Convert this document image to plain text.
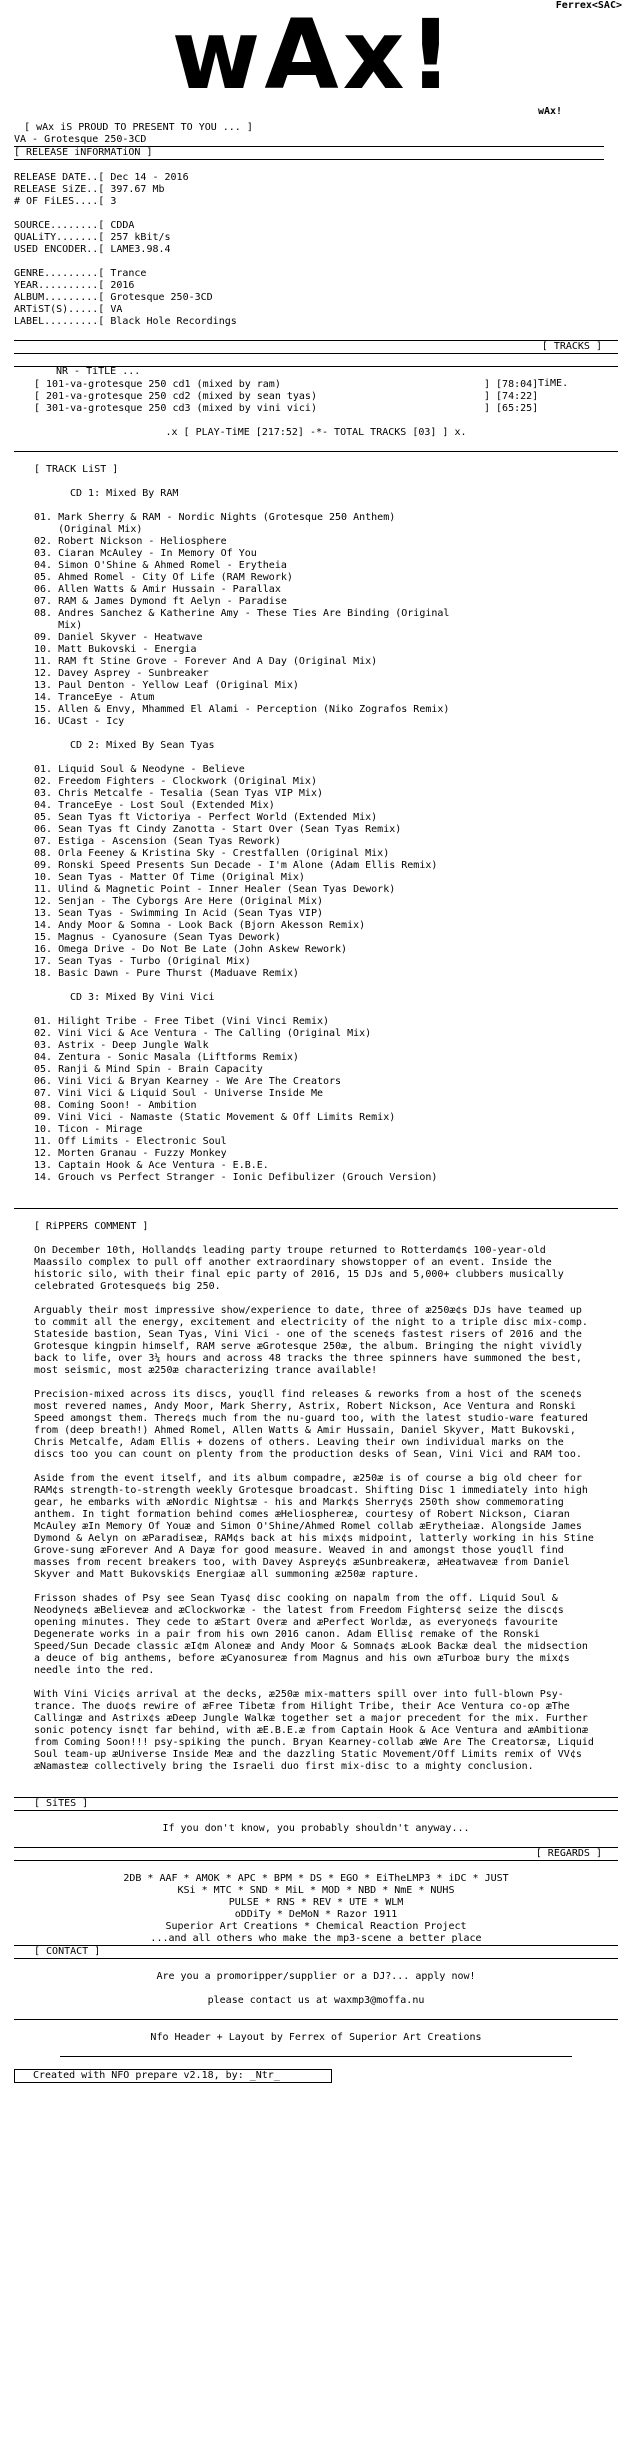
Ferrex<SAC>
wAx!

[ wAx iS PROUD TO PRESENT TO YOU ... ]

wAx!

VA - Grotesque 250-3CD
[ RELEASE iNFORMATiON ]
RELEASE DATE..[ Dec 14 - 2016
RELEASE SiZE..[ 397.67 Mb
# OF FiLES....[ 3
SOURCE........[ CDDA
QUALiTY.......[ 257 kBit/s
USED ENCODER..[ LAME3.98.4
GENRE.........[ Trance
YEAR..........[ 2016
ALBUM.........[ Grotesque 250-3CD
ARTiST(S).....[ VA
LABEL.........[ Black Hole Recordings
[ TRACKS ]

NR - TiTLE ...

TiME.

[ 101-va-grotesque 250 cd1 (mixed by ram)	] [78:04]
[ 201-va-grotesque 250 cd2 (mixed by sean tyas)	] [74:22]
[ 301-va-grotesque 250 cd3 (mixed by vini vici)	] [65:25]
.x [ PLAY-TiME [217:52] -*- TOTAL TRACKS [03] ] x.
[ TRACK LiST ]
CD 1: Mixed By RAM
01. Mark Sherry & RAM - Nordic Nights (Grotesque 250 Anthem)
(Original Mix)
02. Robert Nickson - Heliosphere
03. Ciaran McAuley - In Memory Of You
04. Simon O'Shine & Ahmed Romel - Erytheia
05. Ahmed Romel - City Of Life (RAM Rework)
06. Allen Watts & Amir Hussain - Parallax
07. RAM & James Dymond ft Aelyn - Paradise
08. Andres Sanchez & Katherine Amy - These Ties Are Binding (Original
Mix)
09. Daniel Skyver - Heatwave
10. Matt Bukovski - Energia
11. RAM ft Stine Grove - Forever And A Day (Original Mix)
12. Davey Asprey - Sunbreaker
13. Paul Denton - Yellow Leaf (Original Mix)
14. TranceEye - Atum
15. Allen & Envy, Mhammed El Alami - Perception (Niko Zografos Remix)
16. UCast - Icy
CD 2: Mixed By Sean Tyas
01. Liquid Soul & Neodyne - Believe
02. Freedom Fighters - Clockwork (Original Mix)
03. Chris Metcalfe - Tesalia (Sean Tyas VIP Mix)
04. TranceEye - Lost Soul (Extended Mix)
05. Sean Tyas ft Victoriya - Perfect World (Extended Mix)
06. Sean Tyas ft Cindy Zanotta - Start Over (Sean Tyas Remix)
07. Estiga - Ascension (Sean Tyas Rework)
08. Orla Feeney & Kristina Sky - Crestfallen (Original Mix)
09. Ronski Speed Presents Sun Decade - I'm Alone (Adam Ellis Remix)
10. Sean Tyas - Matter Of Time (Original Mix)
11. Ulind & Magnetic Point - Inner Healer (Sean Tyas Dework)
12. Senjan - The Cyborgs Are Here (Original Mix)
13. Sean Tyas - Swimming In Acid (Sean Tyas VIP)
14. Andy Moor & Somna - Look Back (Bjorn Akesson Remix)
15. Magnus - Cyanosure (Sean Tyas Dework)
16. Omega Drive - Do Not Be Late (John Askew Rework)
17. Sean Tyas - Turbo (Original Mix)
18. Basic Dawn - Pure Thurst (Maduave Remix)
CD 3: Mixed By Vini Vici
01. Hilight Tribe - Free Tibet (Vini Vinci Remix)
02. Vini Vici & Ace Ventura - The Calling (Original Mix)
03. Astrix - Deep Jungle Walk
04. Zentura - Sonic Masala (Liftforms Remix)
05. Ranji & Mind Spin - Brain Capacity
06. Vini Vici & Bryan Kearney - We Are The Creators
07. Vini Vici & Liquid Soul - Universe Inside Me
08. Coming Soon! - Ambition
09. Vini Vici - Namaste (Static Movement & Off Limits Remix)
10. Ticon - Mirage
11. Off Limits - Electronic Soul
12. Morten Granau - Fuzzy Monkey
13. Captain Hook & Ace Ventura - E.B.E.
14. Grouch vs Perfect Stranger - Ionic Defibulizer (Grouch Version)
[ RiPPERS COMMENT ]
On December 10th, Holland¢s leading party troupe returned to Rotterdam¢s 100-year-old Maassilo complex to pull off another extraordinary showstopper of an event. Inside the historic silo, with their final epic party of 2016, 15 DJs and 5,000+ clubbers musically celebrated Grotesque¢s big 250.
Arguably their most impressive show/experience to date, three of æ250æ¢s DJs have teamed up to commit all the energy, excitement and electricity of the night to a triple disc mix-comp. Stateside bastion, Sean Tyas, Vini Vici - one of the scene¢s fastest risers of 2016 and the Grotesque kingpin himself, RAM serve æGrotesque 250æ, the album. Bringing the night vividly back to life, over 3¼ hours and across 48 tracks the three spinners have summoned the best, most seismic, most æ250æ characterizing trance available!
Precision-mixed across its discs, you¢ll find releases & reworks from a host of the scene¢s most revered names, Andy Moor, Mark Sherry, Astrix, Robert Nickson, Ace Ventura and Ronski Speed amongst them. There¢s much from the nu-guard too, with the latest studio-ware featured from (deep breath!) Ahmed Romel, Allen Watts & Amir Hussain, Daniel Skyver, Matt Bukovski, Chris Metcalfe, Adam Ellis + dozens of others. Leaving their own individual marks on the discs too you can count on plenty from the production desks of Sean, Vini Vici and RAM too.
Aside from the event itself, and its album compadre, æ250æ is of course a big old cheer for RAM¢s strength-to-strength weekly Grotesque broadcast. Shifting Disc 1 immediately into high gear, he embarks with æNordic Nightsæ - his and Mark¢s Sherry¢s 250th show commemorating anthem. In tight formation behind comes æHeliosphereæ, courtesy of Robert Nickson, Ciaran McAuley æIn Memory Of Youæ and Simon O'Shine/Ahmed Romel collab æErytheiaæ. Alongside James Dymond & Aelyn on æParadiseæ, RAM¢s back at his mix¢s midpoint, latterly working in his Stine Grove-sung æForever And A Dayæ for good measure. Weaved in and amongst those you¢ll find masses from recent breakers too, with Davey Asprey¢s æSunbreakeræ, æHeatwaveæ from Daniel Skyver and Matt Bukovski¢s Energiaæ all summoning æ250æ rapture.
Frisson shades of Psy see Sean Tyas¢ disc cooking on napalm from the off. Liquid Soul & Neodyne¢s æBelieveæ and æClockworkæ - the latest from Freedom Fighters¢ seize the disc¢s opening minutes. They cede to æStart Overæ and æPerfect Worldæ, as everyone¢s favourite Degenerate works in a pair from his own 2016 canon. Adam Ellis¢ remake of the Ronski Speed/Sun Decade classic æI¢m Aloneæ and Andy Moor & Somna¢s æLook Backæ deal the midsection a deuce of big anthems, before æCyanosureæ from Magnus and his own æTurboæ bury the mix¢s needle into the red.
With Vini Vici¢s arrival at the decks, æ250æ mix-matters spill over into full-blown Psy-trance. The duo¢s rewire of æFree Tibetæ from Hilight Tribe, their Ace Ventura co-op æThe Callingæ and Astrix¢s æDeep Jungle Walkæ together set a major precedent for the mix. Further sonic potency isn¢t far behind, with æE.B.E.æ from Captain Hook & Ace Ventura and æAmbitionæ from Coming Soon!!! psy-spiking the punch. Bryan Kearney-collab æWe Are The Creatorsæ, Liquid Soul team-up æUniverse Inside Meæ and the dazzling Static Movement/Off Limits remix of VV¢s æNamasteæ collectively bring the Israeli duo first mix-disc to a mighty conclusion.
[ SiTES ]
If you don't know, you probably shouldn't anyway...
[ REGARDS ]
2DB * AAF * AMOK * APC * BPM * DS * EGO * EiTheLMP3 * iDC * JUST
KSi * MTC * SND * MiL * MOD * NBD * NmE * NUHS
PULSE * RNS * REV * UTE * WLM
oDDiTy * DeMoN * Razor 1911
Superior Art Creations * Chemical Reaction Project
...and all others who make the mp3-scene a better place
[ CONTACT ]
Are you a promoripper/supplier or a DJ?... apply now!
please contact us at waxmp3@moffa.nu
Nfo Header + Layout by Ferrex of Superior Art Creations
Created with NFO prepare v2.18, by: _Ntr_
